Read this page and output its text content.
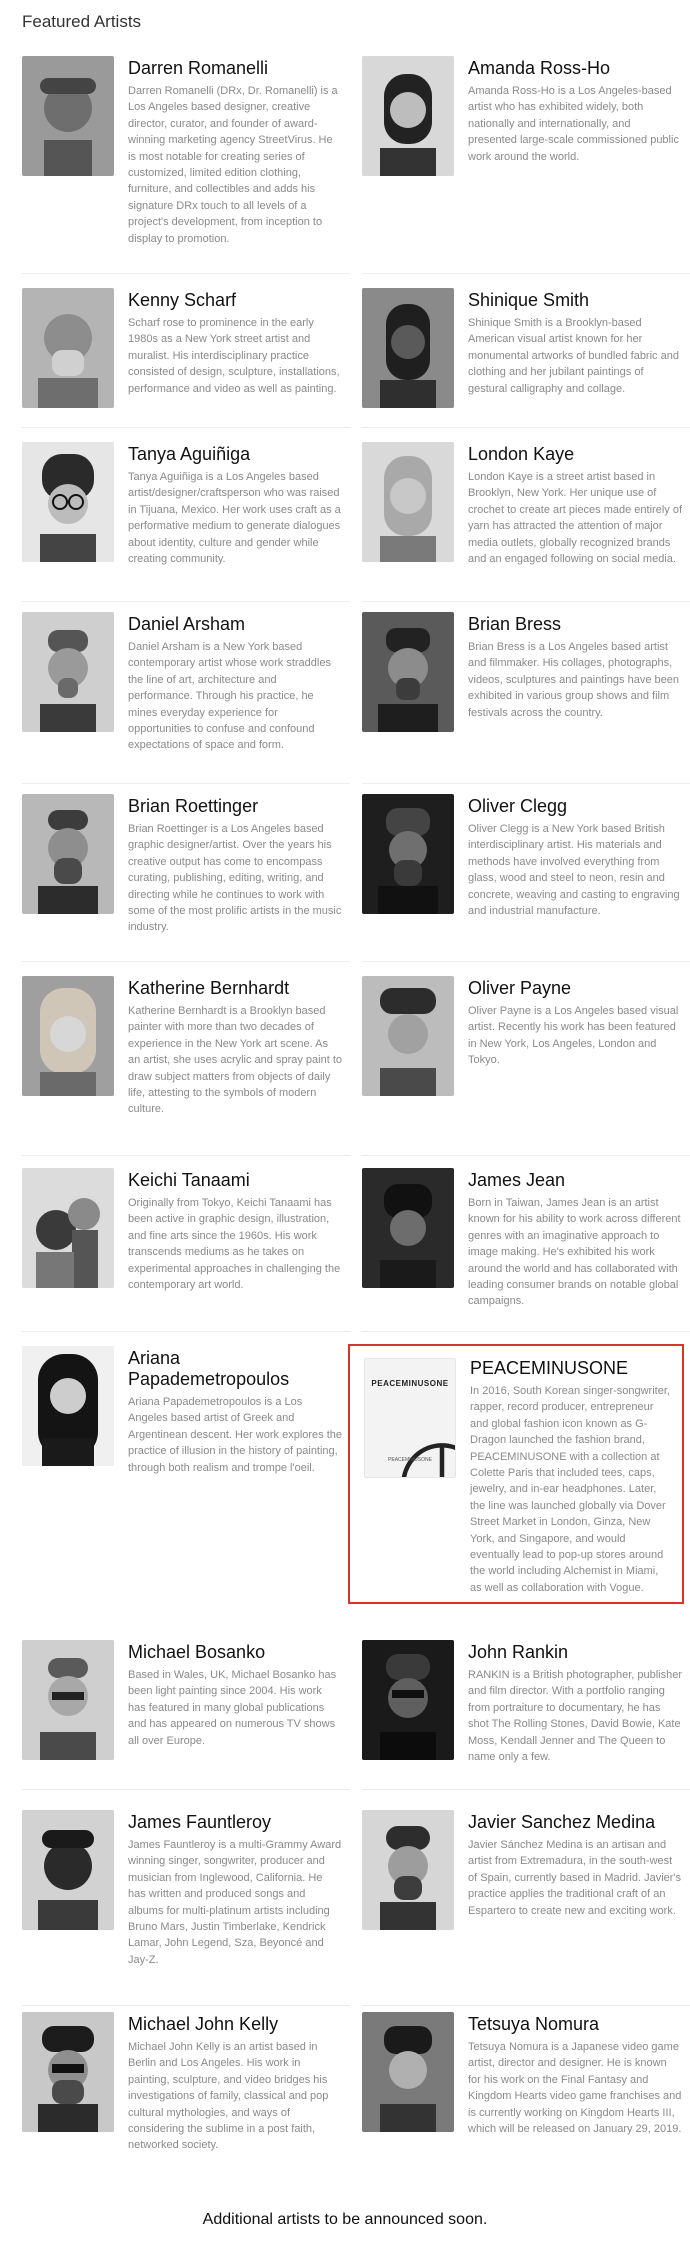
Featured Artists
Darren Romanelli
Darren Romanelli (DRx, Dr. Romanelli) is a Los Angeles based designer, creative director, curator, and founder of award-winning marketing agency StreetVirus. He is most notable for creating series of customized, limited edition clothing, furniture, and collectibles and adds his signature DRx touch to all levels of a project's development, from inception to display to promotion.
Amanda Ross-Ho
Amanda Ross-Ho is a Los Angeles-based artist who has exhibited widely, both nationally and internationally, and presented large-scale commissioned public work around the world.
Kenny Scharf
Scharf rose to prominence in the early 1980s as a New York street artist and muralist. His interdisciplinary practice consisted of design, sculpture, installations, performance and video as well as painting.
Shinique Smith
Shinique Smith is a Brooklyn-based American visual artist known for her monumental artworks of bundled fabric and clothing and her jubilant paintings of gestural calligraphy and collage.
Tanya Aguiñiga
Tanya Aguiñiga is a Los Angeles based artist/designer/craftsperson who was raised in Tijuana, Mexico. Her work uses craft as a performative medium to generate dialogues about identity, culture and gender while creating community.
London Kaye
London Kaye is a street artist based in Brooklyn, New York. Her unique use of crochet to create art pieces made entirely of yarn has attracted the attention of major media outlets, globally recognized brands and an engaged following on social media.
Daniel Arsham
Daniel Arsham is a New York based contemporary artist whose work straddles the line of art, architecture and performance. Through his practice, he mines everyday experience for opportunities to confuse and confound expectations of space and form.
Brian Bress
Brian Bress is a Los Angeles based artist and filmmaker. His collages, photographs, videos, sculptures and paintings have been exhibited in various group shows and film festivals across the country.
Brian Roettinger
Brian Roettinger is a Los Angeles based graphic designer/artist. Over the years his creative output has come to encompass curating, publishing, editing, writing, and directing while he continues to work with some of the most prolific artists in the music industry.
Oliver Clegg
Oliver Clegg is a New York based British interdisciplinary artist. His materials and methods have involved everything from glass, wood and steel to neon, resin and concrete, weaving and casting to engraving and industrial manufacture.
Katherine Bernhardt
Katherine Bernhardt is a Brooklyn based painter with more than two decades of experience in the New York art scene. As an artist, she uses acrylic and spray paint to draw subject matters from objects of daily life, attesting to the symbols of modern culture.
Oliver Payne
Oliver Payne is a Los Angeles based visual artist. Recently his work has been featured in New York, Los Angeles, London and Tokyo.
Keichi Tanaami
Originally from Tokyo, Keichi Tanaami has been active in graphic design, illustration, and fine arts since the 1960s. His work transcends mediums as he takes on experimental approaches in challenging the contemporary art world.
James Jean
Born in Taiwan, James Jean is an artist known for his ability to work across different genres with an imaginative approach to image making. He's exhibited his work around the world and has collaborated with leading consumer brands on notable global campaigns.
Ariana Papademetropoulos
Ariana Papademetropoulos is a Los Angeles based artist of Greek and Argentinean descent. Her work explores the practice of illusion in the history of painting, through both realism and trompe l'oeil.
PEACEMINUSONE
PEACEMINUSONE
PEACEMINUSONE
In 2016, South Korean singer-songwriter, rapper, record producer, entrepreneur and global fashion icon known as G-Dragon launched the fashion brand, PEACEMINUSONE with a collection at Colette Paris that included tees, caps, jewelry, and in-ear headphones. Later, the line was launched globally via Dover Street Market in London, Ginza, New York, and Singapore, and would eventually lead to pop-up stores around the world including Alchemist in Miami, as well as collaboration with Vogue.
Michael Bosanko
Based in Wales, UK, Michael Bosanko has been light painting since 2004. His work has featured in many global publications and has appeared on numerous TV shows all over Europe.
John Rankin
RANKIN is a British photographer, publisher and film director. With a portfolio ranging from portraiture to documentary, he has shot The Rolling Stones, David Bowie, Kate Moss, Kendall Jenner and The Queen to name only a few.
James Fauntleroy
James Fauntleroy is a multi-Grammy Award winning singer, songwriter, producer and musician from Inglewood, California. He has written and produced songs and albums for multi-platinum artists including Bruno Mars, Justin Timberlake, Kendrick Lamar, John Legend, Sza, Beyoncé and Jay-Z.
Javier Sanchez Medina
Javier Sánchez Medina is an artisan and artist from Extremadura, in the south-west of Spain, currently based in Madrid. Javier's practice applies the traditional craft of an Espartero to create new and exciting work.
Michael John Kelly
Michael John Kelly is an artist based in Berlin and Los Angeles. His work in painting, sculpture, and video bridges his investigations of family, classical and pop cultural mythologies, and ways of considering the sublime in a post faith, networked society.
Tetsuya Nomura
Tetsuya Nomura is a Japanese video game artist, director and designer. He is known for his work on the Final Fantasy and Kingdom Hearts video game franchises and is currently working on Kingdom Hearts III, which will be released on January 29, 2019.
Additional artists to be announced soon.
